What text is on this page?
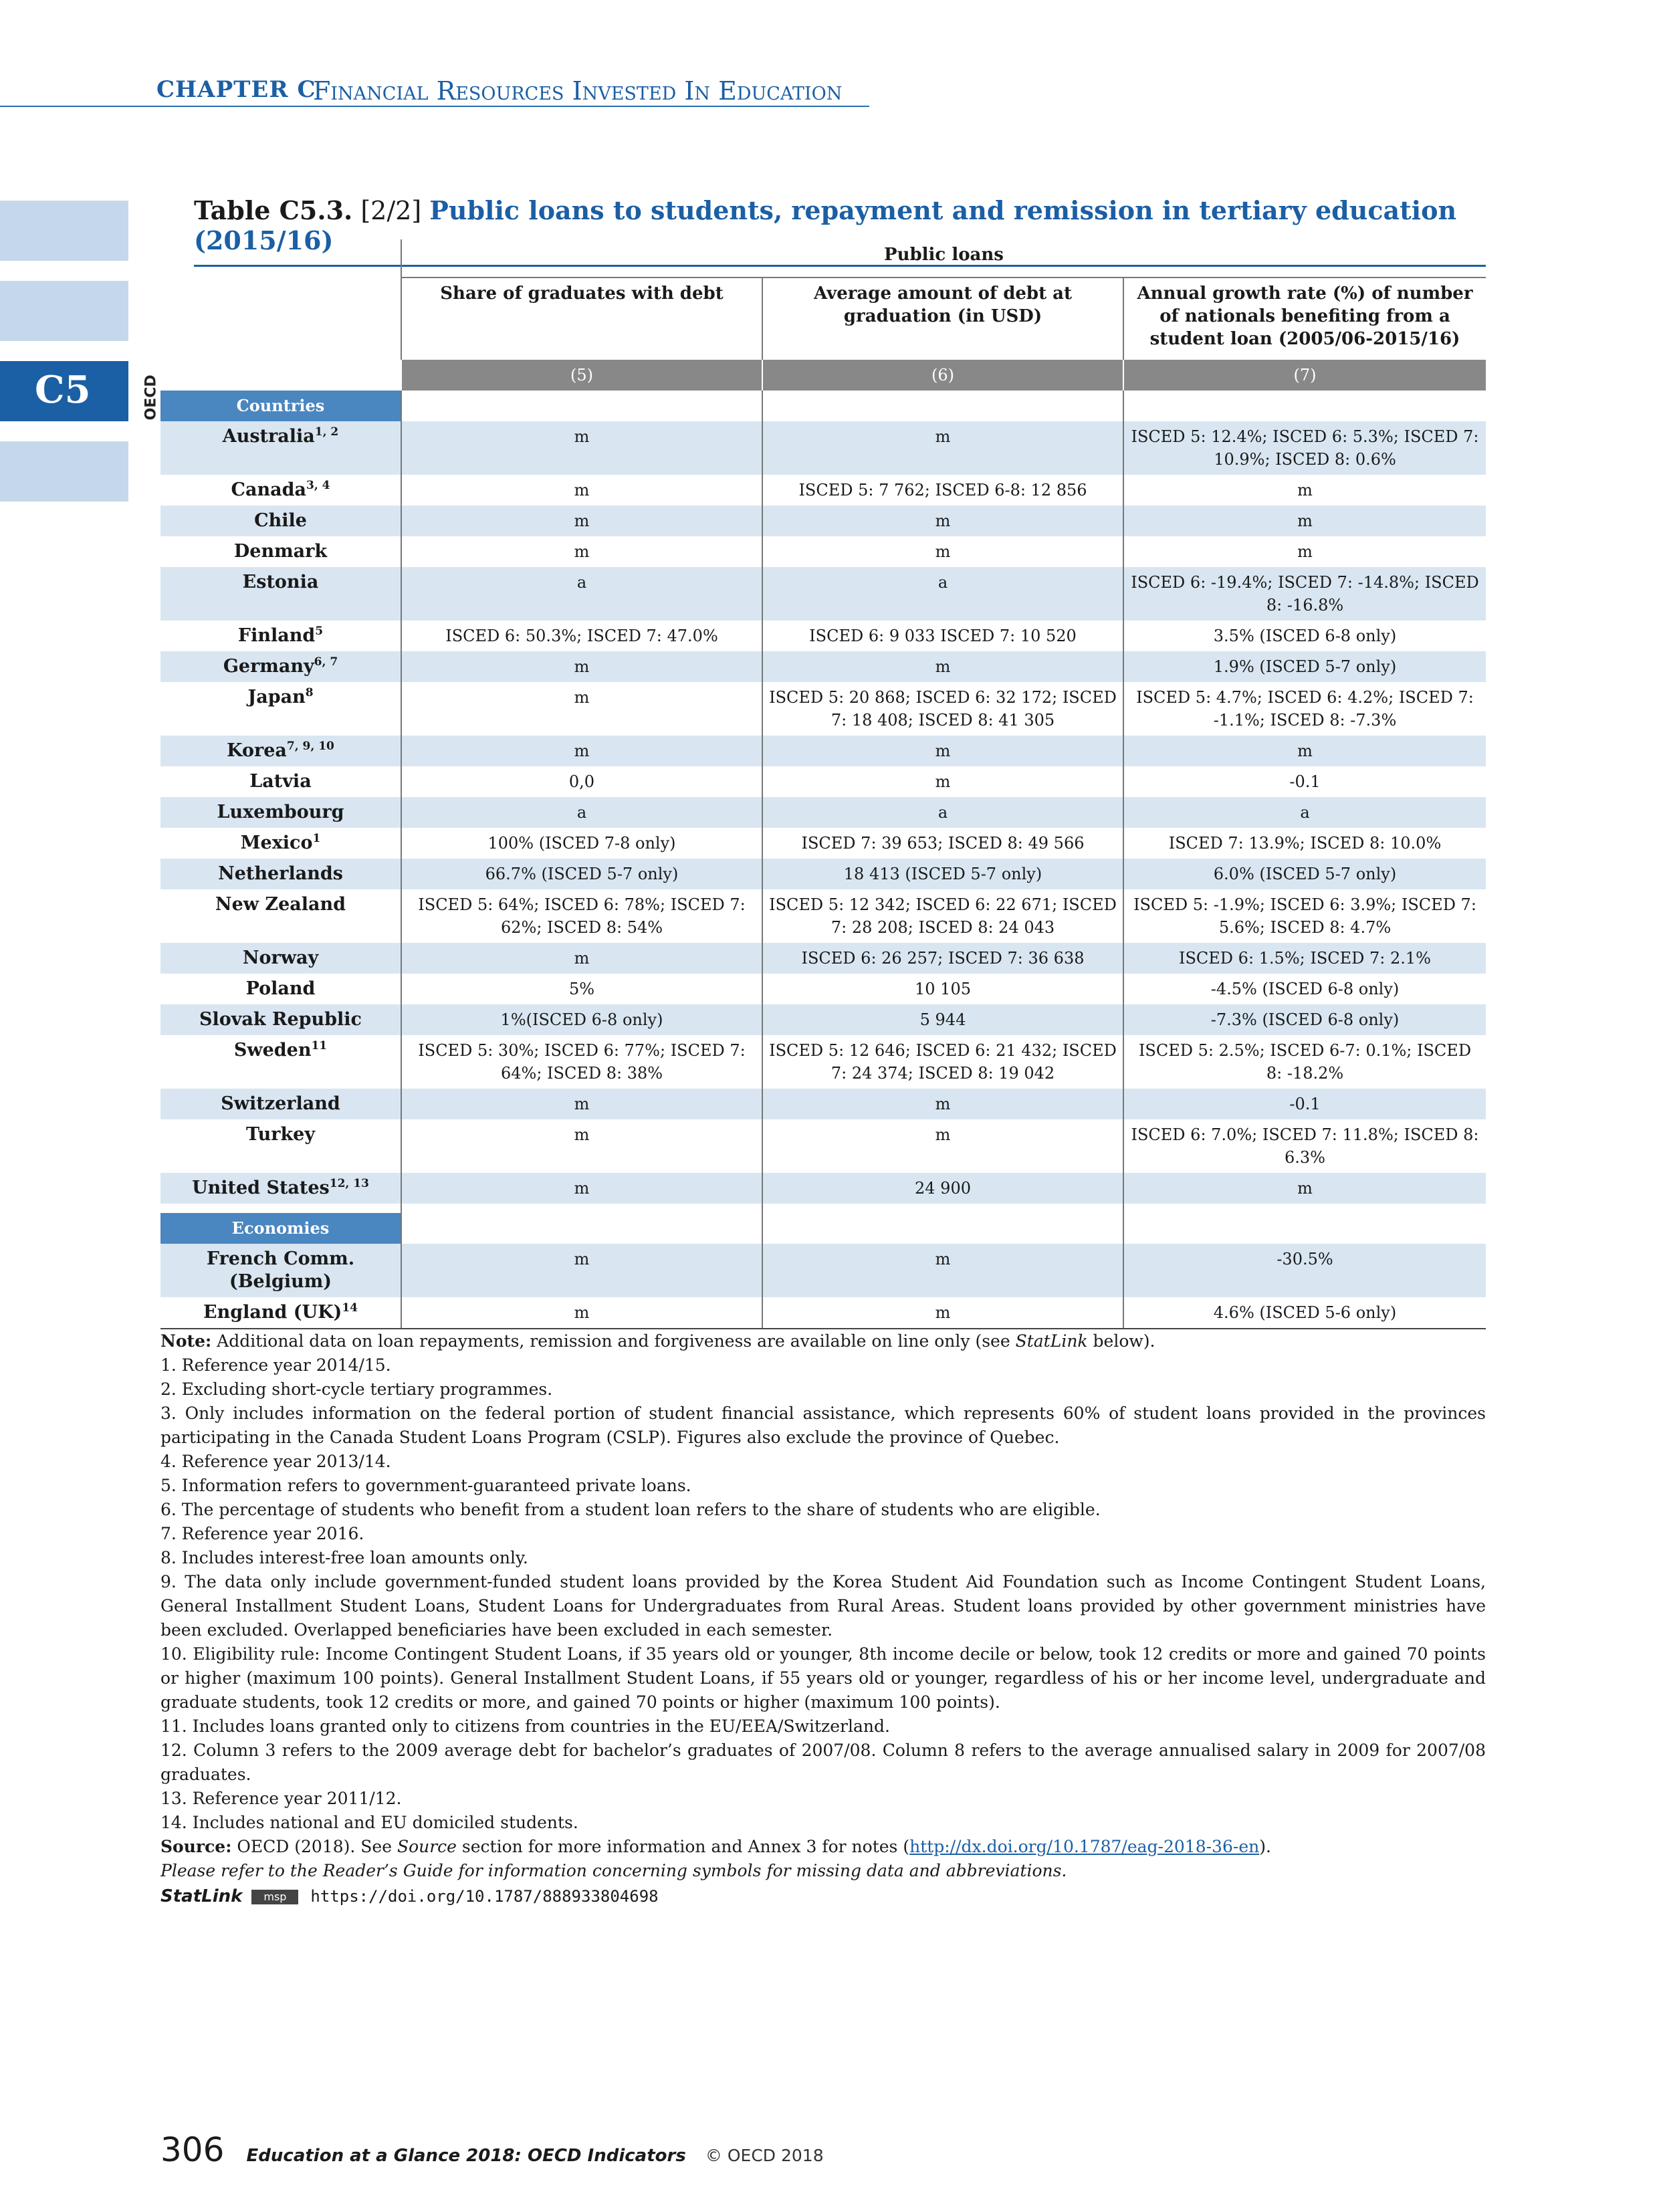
CHAPTER C
Financial Resources Invested In Education
C5	OECD
Table C5.3. [2/2] Public loans to students, repayment and remission in tertiary education (2015/16)
		Public loans		
	Share of graduates with debt	Average amount of debt at graduation (in USD)	Annual growth rate (%) of number of nationals benefiting from a student loan (2005/06-2015/16)
	(5)	(6)	(7)
Countries			
Australia$^{1, 2}$	m	m	ISCED 5: 12.4%; ISCED 6: 5.3%; ISCED 7: 10.9%; ISCED 8: 0.6%
Canada$^{3, 4}$	m	ISCED 5: 7 762; ISCED 6-8: 12 856	m
Chile	m	m	m
Denmark	m	m	m
Estonia	a	a	ISCED 6: -19.4%; ISCED 7: -14.8%; ISCED 8: -16.8%
Finland$^5$	ISCED 6: 50.3%; ISCED 7: 47.0%	ISCED 6: 9 033 ISCED 7: 10 520	3.5% (ISCED 6-8 only)
Germany$^{6, 7}$	m	m	1.9% (ISCED 5-7 only)
Japan$^8$	m	ISCED 5: 20 868; ISCED 6: 32 172; ISCED 7: 18 408; ISCED 8: 41 305	ISCED 5: 4.7%; ISCED 6: 4.2%; ISCED 7: -1.1%; ISCED 8: -7.3%
Korea$^{7, 9, 10}$	m	m	m
Latvia	0,0	m	-0.1
Luxembourg	a	a	a
Mexico$^1$	100% (ISCED 7-8 only)	ISCED 7: 39 653; ISCED 8: 49 566	ISCED 7: 13.9%; ISCED 8: 10.0%
Netherlands	66.7% (ISCED 5-7 only)	18 413 (ISCED 5-7 only)	6.0% (ISCED 5-7 only)
New Zealand	ISCED 5: 64%; ISCED 6: 78%; ISCED 7: 62%; ISCED 8: 54%	ISCED 5: 12 342; ISCED 6: 22 671; ISCED 7: 28 208; ISCED 8: 24 043	ISCED 5: -1.9%; ISCED 6: 3.9%; ISCED 7: 5.6%; ISCED 8: 4.7%
Norway	m	ISCED 6: 26 257; ISCED 7: 36 638	ISCED 6: 1.5%; ISCED 7: 2.1%
Poland	5%	10 105	-4.5% (ISCED 6-8 only)
Slovak Republic	1%(ISCED 6-8 only)	5 944	-7.3% (ISCED 6-8 only)
Sweden$^{11}$	ISCED 5: 30%; ISCED 6: 77%; ISCED 7: 64%; ISCED 8: 38%	ISCED 5: 12 646; ISCED 6: 21 432; ISCED 7: 24 374; ISCED 8: 19 042	ISCED 5: 2.5%; ISCED 6-7: 0.1%; ISCED 8: -18.2%
Switzerland	m	m	-0.1
Turkey	m	m	ISCED 6: 7.0%; ISCED 7: 11.8%; ISCED 8: 6.3%
United States$^{12, 13}$	m	24 900	m

Economies			
French Comm. (Belgium)	m	m	-30.5%
England (UK)$^{14}$	m	m	4.6% (ISCED 5-6 only)

Note: Additional data on loan repayments, remission and forgiveness are available on line only (see StatLink below).

1. Reference year 2014/15.

2. Excluding short-cycle tertiary programmes.

3. Only includes information on the federal portion of student financial assistance, which represents 60% of student loans provided in the provinces participating in the Canada Student Loans Program (CSLP). Figures also exclude the province of Quebec.

4. Reference year 2013/14.

5. Information refers to government-guaranteed private loans.

6. The percentage of students who benefit from a student loan refers to the share of students who are eligible.

7. Reference year 2016.

8. Includes interest-free loan amounts only.

9. The data only include government-funded student loans provided by the Korea Student Aid Foundation such as Income Contingent Student Loans, General Installment Student Loans, Student Loans for Undergraduates from Rural Areas. Student loans provided by other government ministries have been excluded. Overlapped beneficiaries have been excluded in each semester.

10. Eligibility rule: Income Contingent Student Loans, if 35 years old or younger, 8th income decile or below, took 12 credits or more and gained 70 points or higher (maximum 100 points). General Installment Student Loans, if 55 years old or younger, regardless of his or her income level, undergraduate and graduate students, took 12 credits or more, and gained 70 points or higher (maximum 100 points).

11. Includes loans granted only to citizens from countries in the EU/EEA/Switzerland.

12. Column 3 refers to the 2009 average debt for bachelor’s graduates of 2007/08. Column 8 refers to the average annualised salary in 2009 for 2007/08 graduates.

13. Reference year 2011/12.

14. Includes national and EU domiciled students.

Source: OECD (2018). See Source section for more information and Annex 3 for notes (http://dx.doi.org/10.1787/eag-2018-36-en).

Please refer to the Reader’s Guide for information concerning symbols for missing data and abbreviations.

StatLink msp https://doi.org/10.1787/888933804698
306 Education at a Glance 2018: OECD Indicators © OECD 2018
